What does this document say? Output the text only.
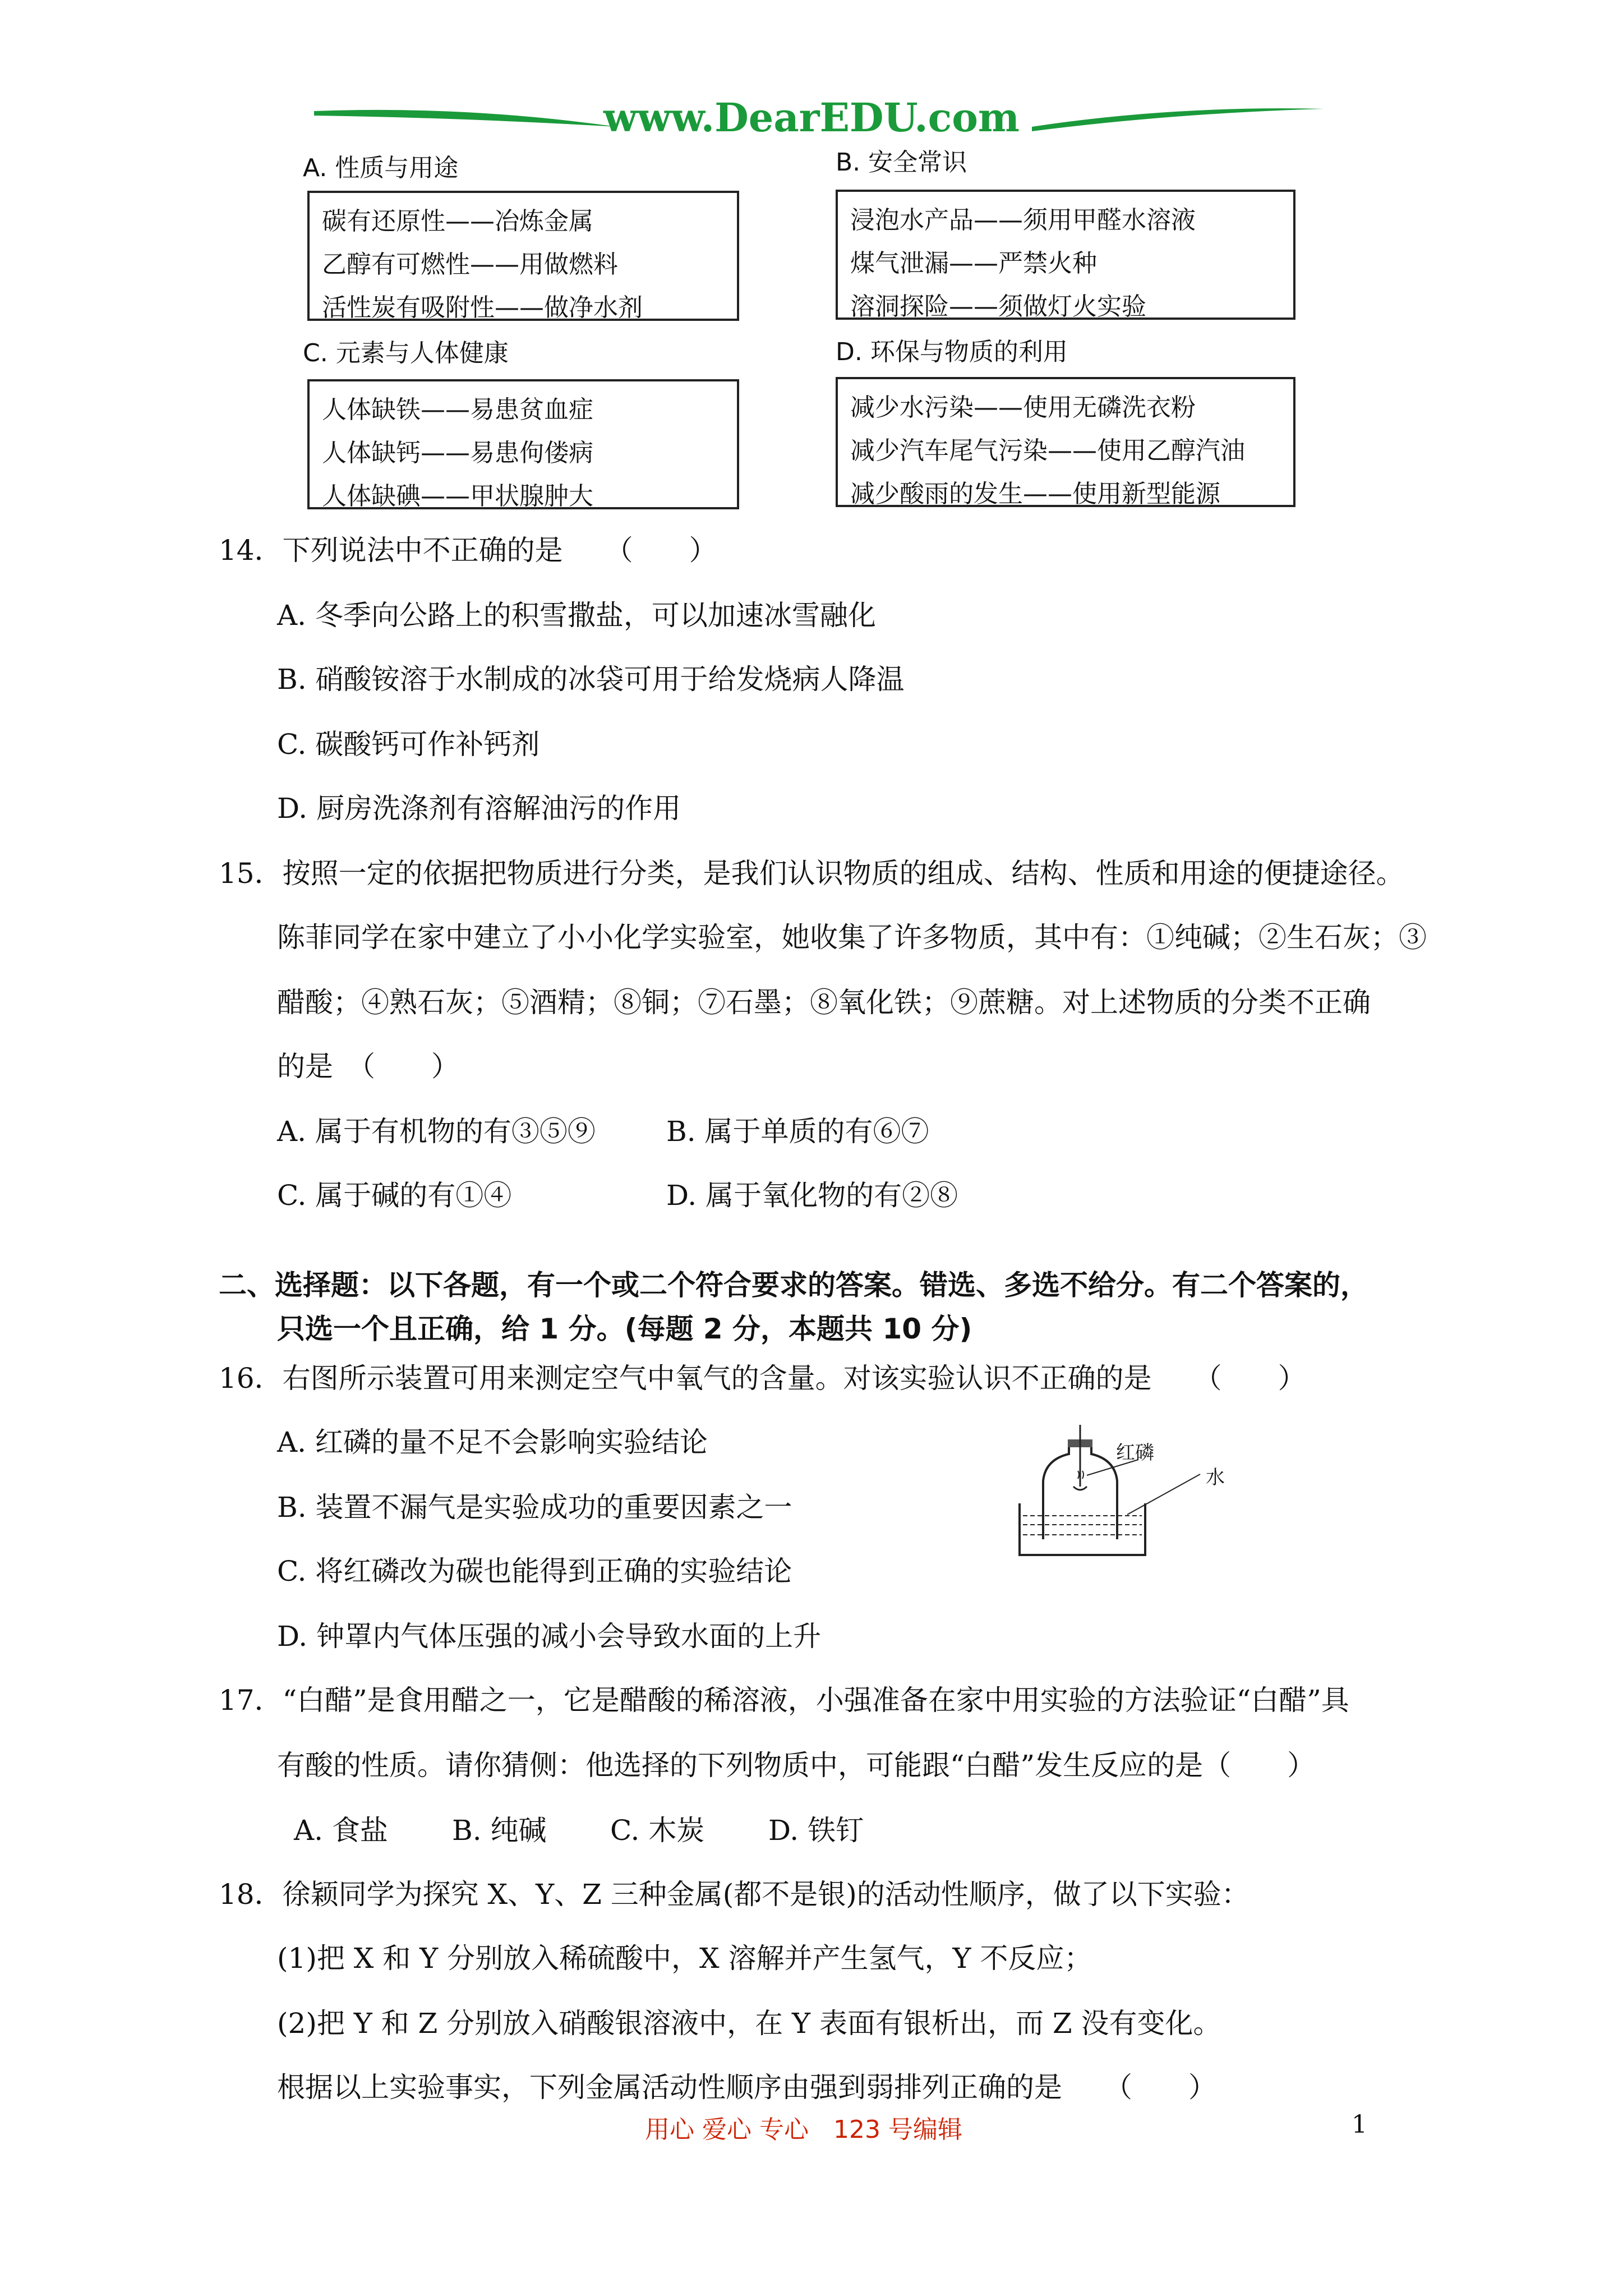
www.DearEDU.com
A. 性质与用途	B. 安全常识
C. 元素与人体健康	D. 环保与物质的利用
碳有还原性——冶炼金属
乙醇有可燃性——用做燃料
活性炭有吸附性——做净水剂
浸泡水产品——须用甲醛水溶液
煤气泄漏——严禁火种
溶洞探险——须做灯火实验
人体缺铁——易患贫血症
人体缺钙——易患佝偻病
人体缺碘——甲状腺肿大
减少水污染——使用无磷洗衣粉
减少汽车尾气污染——使用乙醇汽油
减少酸雨的发生——使用新型能源
14．下列说法中不正确的是　　（　　）
A. 冬季向公路上的积雪撒盐，可以加速冰雪融化
B. 硝酸铵溶于水制成的冰袋可用于给发烧病人降温
C. 碳酸钙可作补钙剂
D. 厨房洗涤剂有溶解油污的作用
15．按照一定的依据把物质进行分类，是我们认识物质的组成、结构、性质和用途的便捷途径。
陈菲同学在家中建立了小小化学实验室，她收集了许多物质，其中有：①纯碱；②生石灰；③
醋酸；④熟石灰；⑤酒精；⑧铜；⑦石墨；⑧氧化铁；⑨蔗糖。对上述物质的分类不正确
的是　（　　）
A. 属于有机物的有③⑤⑨	B. 属于单质的有⑥⑦
C. 属于碱的有①④	D. 属于氧化物的有②⑧
二、选择题：以下各题，有一个或二个符合要求的答案。错选、多选不给分。有二个答案的，
只选一个且正确，给 1 分。(每题 2 分，本题共 10 分)
16．右图所示装置可用来测定空气中氧气的含量。对该实验认识不正确的是　　（　　）
A. 红磷的量不足不会影响实验结论
B. 装置不漏气是实验成功的重要因素之一
C. 将红磷改为碳也能得到正确的实验结论
D. 钟罩内气体压强的减小会导致水面的上升
红磷
水
17．“白醋”是食用醋之一，它是醋酸的稀溶液，小强准备在家中用实验的方法验证“白醋”具
有酸的性质。请你猜侧：他选择的下列物质中，可能跟“白醋”发生反应的是（　　）
A. 食盐 B. 纯碱 C. 木炭 D. 铁钉
18．徐颖同学为探究 X、Y、Z 三种金属(都不是银)的活动性顺序，做了以下实验：
(1)把 X 和 Y 分别放入稀硫酸中，X 溶解并产生氢气，Y 不反应；
(2)把 Y 和 Z 分别放入硝酸银溶液中，在 Y 表面有银析出，而 Z 没有变化。
根据以上实验事实，下列金属活动性顺序由强到弱排列正确的是　　（　　）
用心 爱心 专心　123 号编辑	1
